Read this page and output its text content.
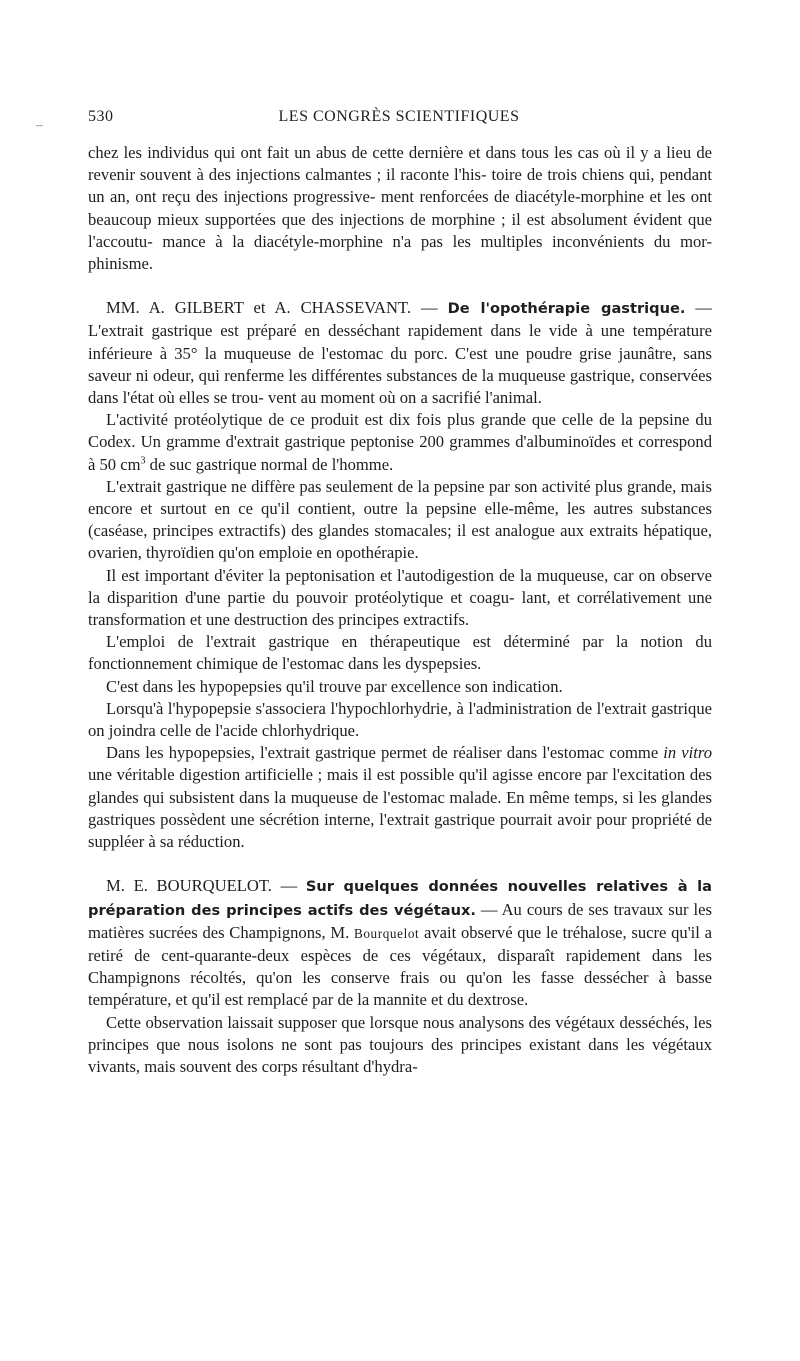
–
530	LES CONGRÈS SCIENTIFIQUES

chez les individus qui ont fait un abus de cette dernière et dans tous les cas où il y a lieu de revenir souvent à des injections calmantes ; il raconte l'his- toire de trois chiens qui, pendant un an, ont reçu des injections progressive- ment renforcées de diacétyle-morphine et les ont beaucoup mieux supportées que des injections de morphine ; il est absolument évident que l'accoutu- mance à la diacétyle-morphine n'a pas les multiples inconvénients du mor- phinisme.

MM. A. GILBERT et A. CHASSEVANT. — De l'opothérapie gastrique. — L'extrait gastrique est préparé en desséchant rapidement dans le vide à une température inférieure à 35° la muqueuse de l'estomac du porc. C'est une poudre grise jaunâtre, sans saveur ni odeur, qui renferme les différentes substances de la muqueuse gastrique, conservées dans l'état où elles se trou- vent au moment où on a sacrifié l'animal.

L'activité protéolytique de ce produit est dix fois plus grande que celle de la pepsine du Codex. Un gramme d'extrait gastrique peptonise 200 grammes d'albuminoïdes et correspond à 50 $cm^3$ de suc gastrique normal de l'homme.

L'extrait gastrique ne diffère pas seulement de la pepsine par son activité plus grande, mais encore et surtout en ce qu'il contient, outre la pepsine elle-même, les autres substances (caséase, principes extractifs) des glandes stomacales; il est analogue aux extraits hépatique, ovarien, thyroïdien qu'on emploie en opothérapie.

Il est important d'éviter la peptonisation et l'autodigestion de la muqueuse, car on observe la disparition d'une partie du pouvoir protéolytique et coagu- lant, et corrélativement une transformation et une destruction des principes extractifs.

L'emploi de l'extrait gastrique en thérapeutique est déterminé par la notion du fonctionnement chimique de l'estomac dans les dyspepsies.

C'est dans les hypopepsies qu'il trouve par excellence son indication.

Lorsqu'à l'hypopepsie s'associera l'hypochlorhydrie, à l'administration de l'extrait gastrique on joindra celle de l'acide chlorhydrique.

Dans les hypopepsies, l'extrait gastrique permet de réaliser dans l'estomac comme in vitro une véritable digestion artificielle ; mais il est possible qu'il agisse encore par l'excitation des glandes qui subsistent dans la muqueuse de l'estomac malade. En même temps, si les glandes gastriques possèdent une sécrétion interne, l'extrait gastrique pourrait avoir pour propriété de suppléer à sa réduction.

M. E. BOURQUELOT. — Sur quelques données nouvelles relatives à la préparation des principes actifs des végétaux. — Au cours de ses travaux sur les matières sucrées des Champignons, M. Bourquelot avait observé que le tréhalose, sucre qu'il a retiré de cent-quarante-deux espèces de ces végétaux, disparaît rapidement dans les Champignons récoltés, qu'on les conserve frais ou qu'on les fasse dessécher à basse température, et qu'il est remplacé par de la mannite et du dextrose.

Cette observation laissait supposer que lorsque nous analysons des végétaux desséchés, les principes que nous isolons ne sont pas toujours des principes existant dans les végétaux vivants, mais souvent des corps résultant d'hydra-
